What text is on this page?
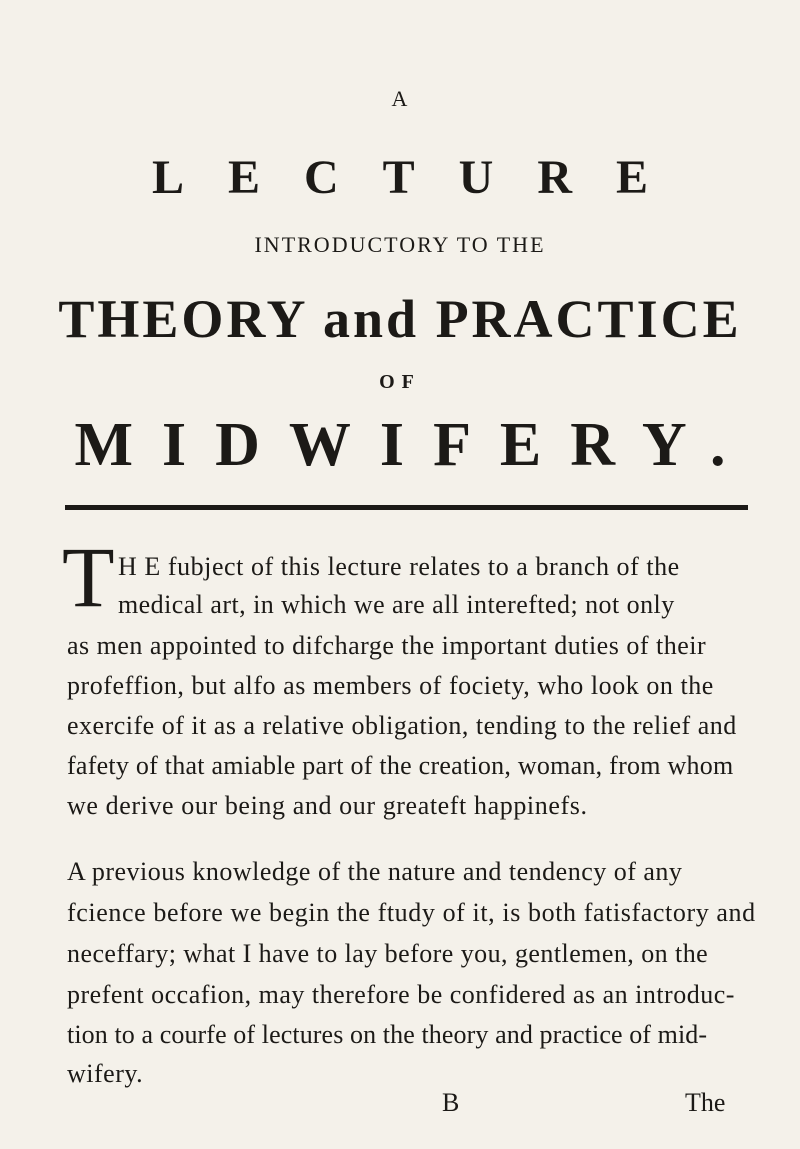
A
LECTURE
INTRODUCTORY TO THE
THEORY and PRACTICE
OF
MIDWIFERY.
T H E fubject of this lecture relates to a branch of the
medical art, in which we are all interefted; not only
as men appointed to difcharge the important duties of their
profeffion, but alfo as members of fociety, who look on the
exercife of it as a relative obligation, tending to the relief and
fafety of that amiable part of the creation, woman, from whom
we derive our being and our greateft happinefs.
A previous knowledge of the nature and tendency of any
fcience before we begin the ftudy of it, is both fatisfactory and
neceffary; what I have to lay before you, gentlemen, on the
prefent occafion, may therefore be confidered as an introduc-
tion to a courfe of lectures on the theory and practice of mid-
wifery.
B	The
